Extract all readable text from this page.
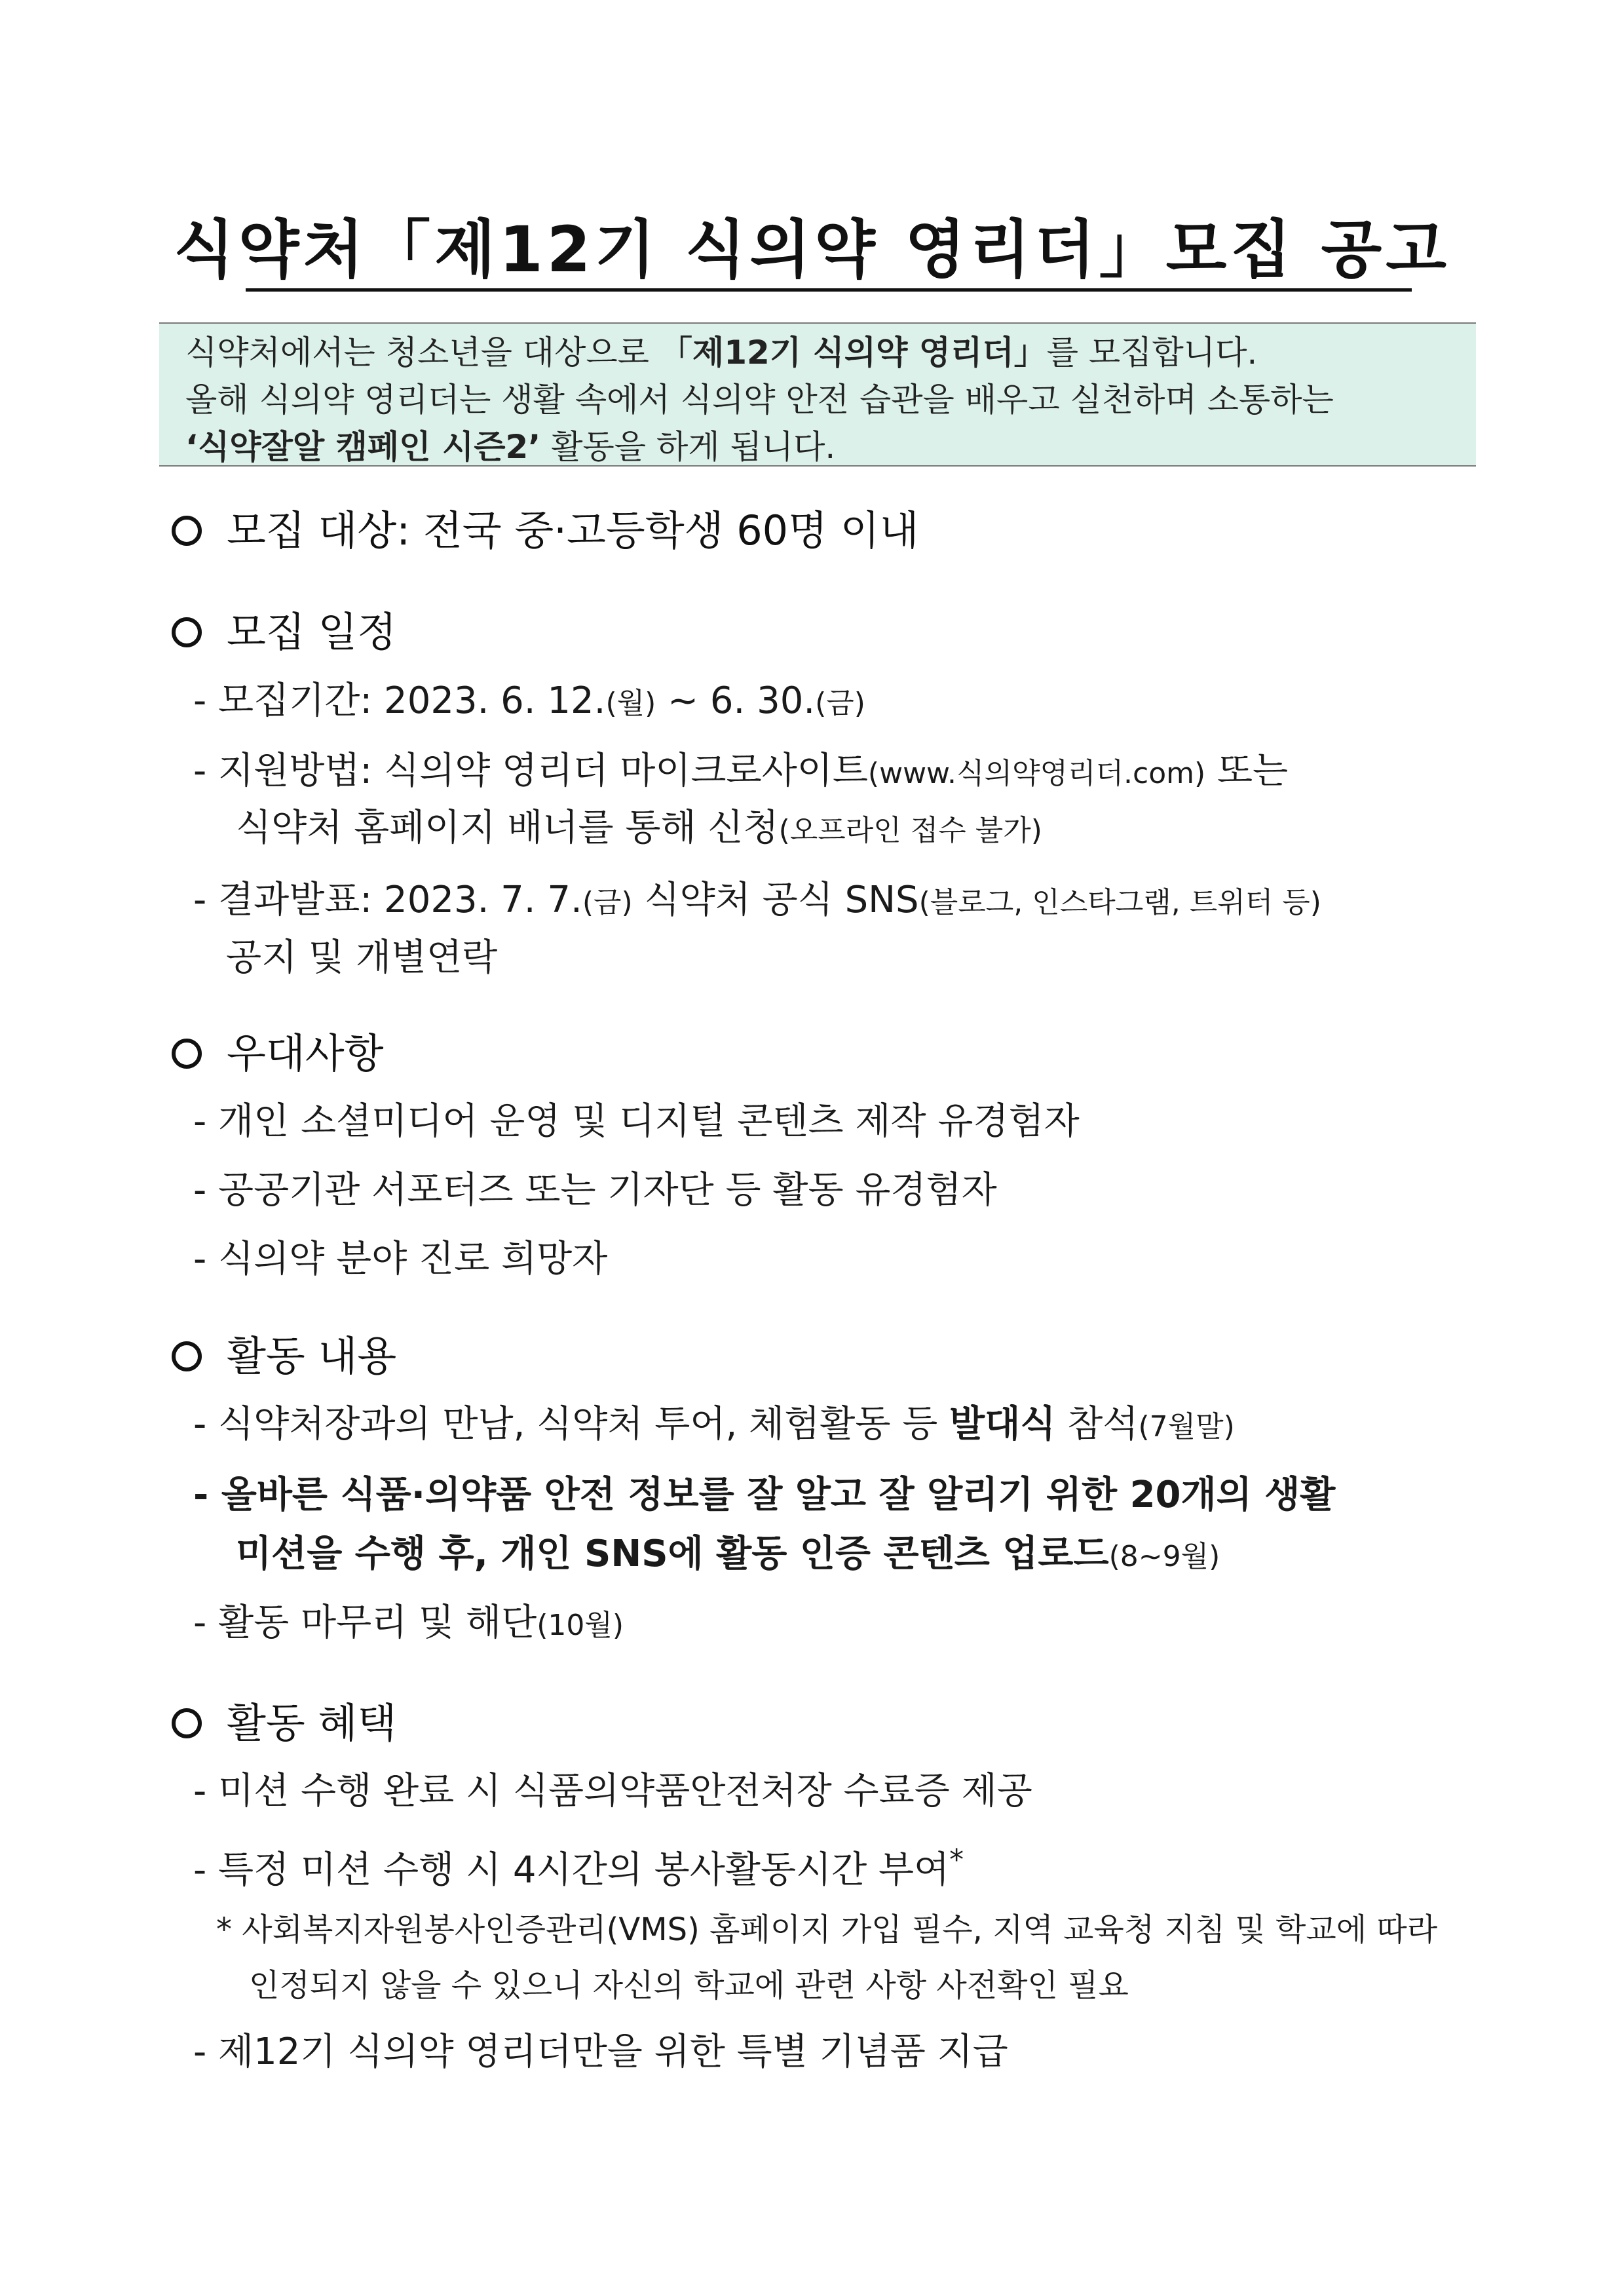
식약처「제12기 식의약 영리더」모집 공고

식약처에서는 청소년을 대상으로 「제12기 식의약 영리더」를 모집합니다.

올해 식의약 영리더는 생활 속에서 식의약 안전 습관을 배우고 실천하며 소통하는

‘식약잘알 캠페인 시즌2’ 활동을 하게 됩니다.

모집 대상: 전국 중·고등학생 60명 이내
모집 일정
- 모집기간: 2023. 6. 12.(월) ~ 6. 30.(금)
- 지원방법: 식의약 영리더 마이크로사이트(www.식의약영리더.com) 또는
식약처 홈페이지 배너를 통해 신청(오프라인 접수 불가)
- 결과발표: 2023. 7. 7.(금) 식약처 공식 SNS(블로그, 인스타그램, 트위터 등)
공지 및 개별연락
우대사항
- 개인 소셜미디어 운영 및 디지털 콘텐츠 제작 유경험자
- 공공기관 서포터즈 또는 기자단 등 활동 유경험자
- 식의약 분야 진로 희망자
활동 내용
- 식약처장과의 만남, 식약처 투어, 체험활동 등 발대식 참석(7월말)
- 올바른 식품·의약품 안전 정보를 잘 알고 잘 알리기 위한 20개의 생활
미션을 수행 후, 개인 SNS에 활동 인증 콘텐츠 업로드(8~9월)
- 활동 마무리 및 해단(10월)
활동 혜택
- 미션 수행 완료 시 식품의약품안전처장 수료증 제공
- 특정 미션 수행 시 4시간의 봉사활동시간 부여*
* 사회복지자원봉사인증관리(VMS) 홈페이지 가입 필수, 지역 교육청 지침 및 학교에 따라
인정되지 않을 수 있으니 자신의 학교에 관련 사항 사전확인 필요
- 제12기 식의약 영리더만을 위한 특별 기념품 지급
